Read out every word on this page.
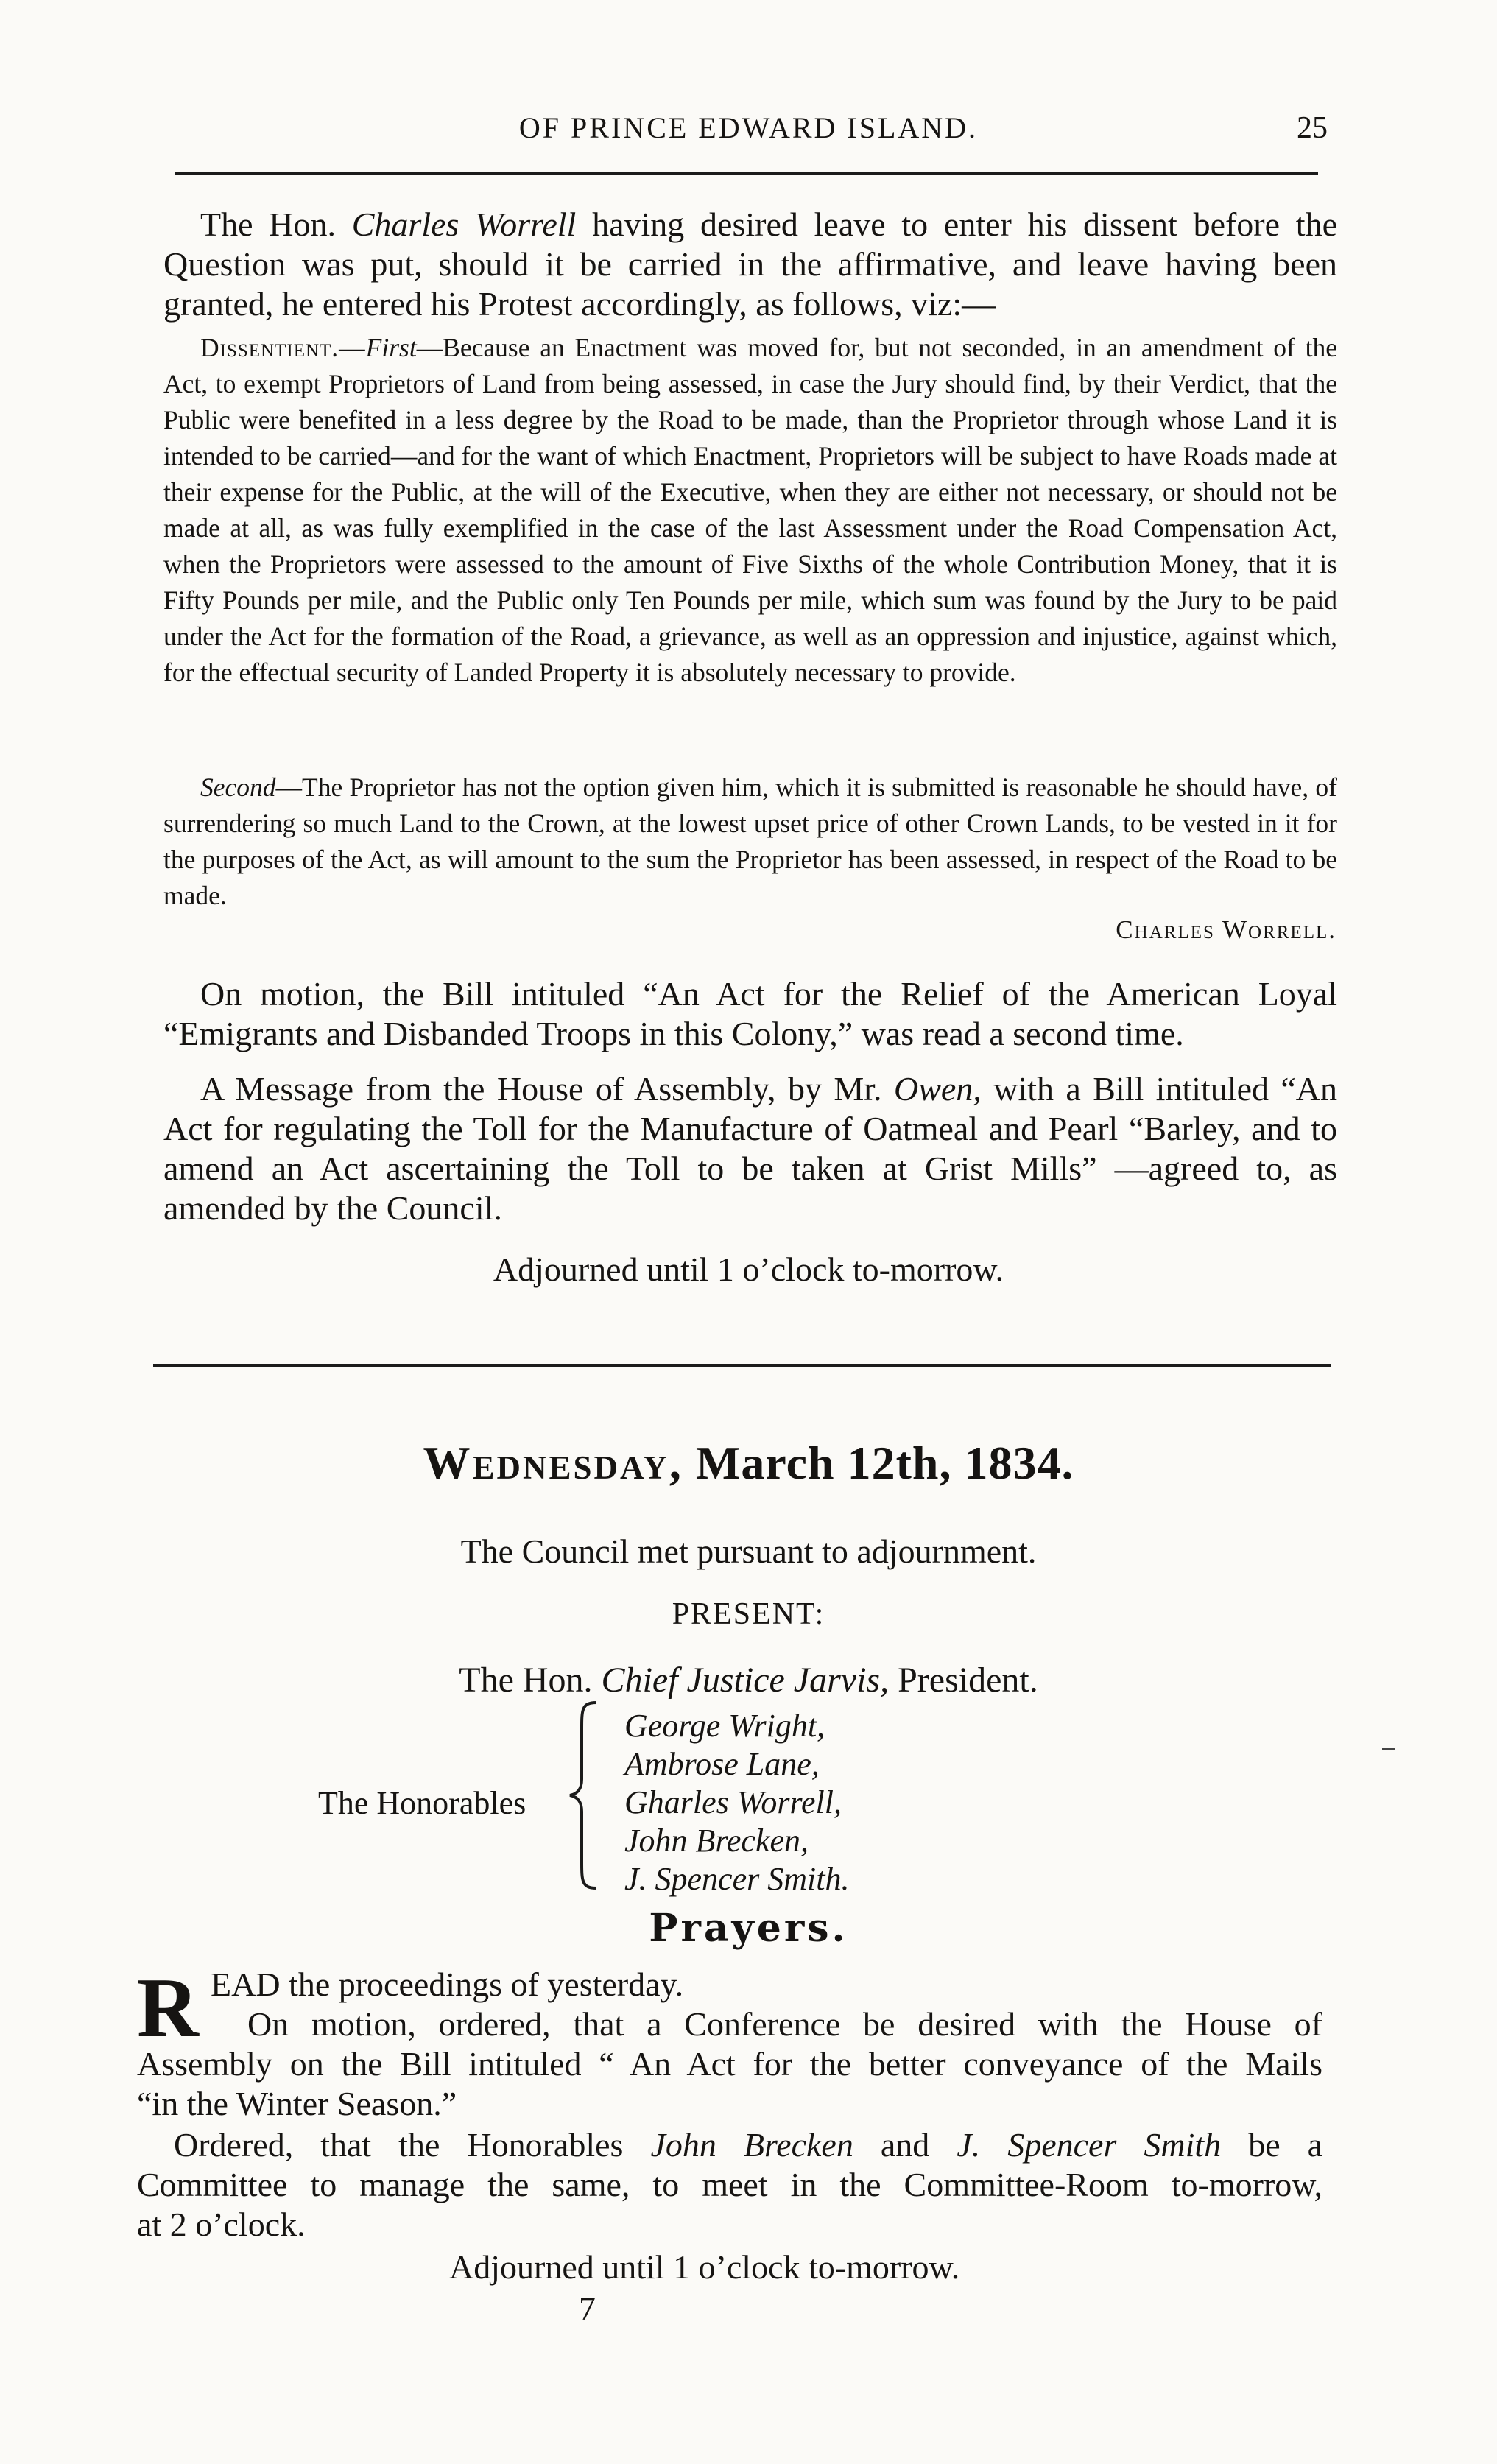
OF PRINCE EDWARD ISLAND.	25

The Hon. Charles Worrell having desired leave to enter his dissent before the Question was put, should it be carried in the affirmative, and leave having been granted, he entered his Protest accordingly, as follows, viz:—

Dissentient.—First—Because an Enactment was moved for, but not seconded, in an amendment of the Act, to exempt Proprietors of Land from being assessed, in case the Jury should find, by their Verdict, that the Public were benefited in a less degree by the Road to be made, than the Proprietor through whose Land it is intended to be carried—and for the want of which Enactment, Proprietors will be subject to have Roads made at their expense for the Public, at the will of the Executive, when they are either not necessary, or should not be made at all, as was fully exemplified in the case of the last Assessment under the Road Compensation Act, when the Proprietors were assessed to the amount of Five Sixths of the whole Contribution Money, that it is Fifty Pounds per mile, and the Public only Ten Pounds per mile, which sum was found by the Jury to be paid under the Act for the formation of the Road, a grievance, as well as an oppression and injustice, against which, for the effectual security of Landed Property it is absolutely necessary to provide.

Second—The Proprietor has not the option given him, which it is submitted is reasonable he should have, of surrendering so much Land to the Crown, at the lowest upset price of other Crown Lands, to be vested in it for the purposes of the Act, as will amount to the sum the Proprietor has been assessed, in respect of the Road to be made.

Charles Worrell.

On motion, the Bill intituled “An Act for the Relief of the American Loyal “Emigrants and Disbanded Troops in this Colony,” was read a second time.

A Message from the House of Assembly, by Mr. Owen, with a Bill intituled “An Act for regulating the Toll for the Manufacture of Oatmeal and Pearl “Barley, and to amend an Act ascertaining the Toll to be taken at Grist Mills” —agreed to, as amended by the Council.

Adjourned until 1 o’clock to-morrow.
Wednesday, March 12th, 1834.
The Council met pursuant to adjournment.
PRESENT:
The Hon. Chief Justice Jarvis, President.
The Honorables
George Wright,
Ambrose Lane,
Gharles Worrell,
John Brecken,
J. Spencer Smith.
Prayers.
R EAD the proceedings of yesterday.

On motion, ordered, that a Conference be desired with the House of

Assembly on the Bill intituled “ An Act for the better conveyance of the Mails

“in the Winter Season.”

Ordered, that the Honorables John Brecken and J. Spencer Smith be a

Committee to manage the same, to meet in the Committee-Room to-morrow,

at 2 o’clock.

Adjourned until 1 o’clock to-morrow.
7
